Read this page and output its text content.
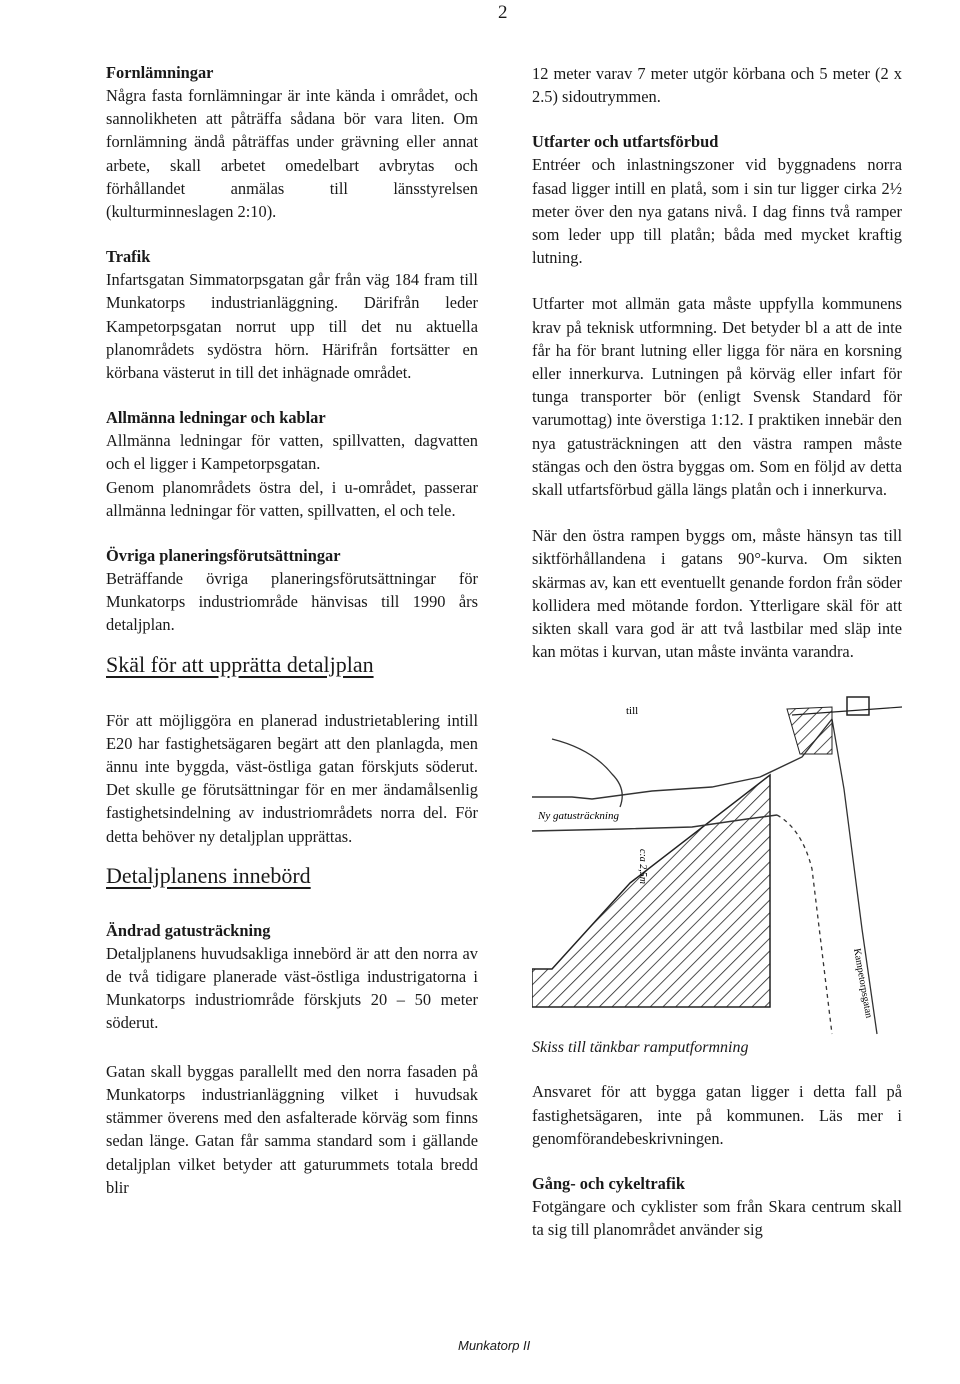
2
Fornlämningar

Några fasta fornlämningar är inte kända i området, och sannolikheten att påträffa sådana bör vara liten. Om fornlämning ändå påträffas under grävning eller annat arbete, skall arbetet omedelbart avbrytas och förhållandet anmälas till länsstyrelsen (kulturminneslagen 2:10).

Trafik

Infartsgatan Simmatorpsgatan går från väg 184 fram till Munkatorps industrianläggning. Därifrån leder Kampetorpsgatan norrut upp till det nu aktuella planområdets sydöstra hörn. Härifrån fortsätter en körbana västerut in till det inhägnade området.

Allmänna ledningar och kablar

Allmänna ledningar för vatten, spillvatten, dagvatten och el ligger i Kampetorpsgatan.

Genom planområdets östra del, i u-området, passerar allmänna ledningar för vatten, spillvatten, el och tele.

Övriga planeringsförutsättningar

Beträffande övriga planeringsförutsättningar för Munkatorps industriområde hänvisas till 1990 års detaljplan.

Skäl för att upprätta detaljplan

För att möjliggöra en planerad industrietablering intill E20 har fastighetsägaren begärt att den planlagda, men ännu inte byggda, väst-östliga gatan förskjuts söderut. Det skulle ge förutsättningar för en mer ändamålsenlig fastighetsindelning av industriområdets norra del. För detta behöver ny detaljplan upprättas.

Detaljplanens innebörd
Ändrad gatusträckning

Detaljplanens huvudsakliga innebörd är att den norra av de två tidigare planerade väst-östliga industrigatorna i Munkatorps industriområde förskjuts 20 – 50 meter söderut.

Gatan skall byggas parallellt med den norra fasaden på Munkatorps industrianläggning vilket i huvudsak stämmer överens med den asfalterade körväg som finns sedan länge. Gatan får samma standard som i gällande detaljplan vilket betyder att gaturummets totala bredd blir

12 meter varav 7 meter utgör körbana och 5 meter (2 x 2.5) sidoutrymmen.

Utfarter och utfartsförbud

Entréer och inlastningszoner vid byggnadens norra fasad ligger intill en platå, som i sin tur ligger cirka 2½ meter över den nya gatans nivå. I dag finns två ramper som leder upp till platån; båda med mycket kraftig lutning.

Utfarter mot allmän gata måste uppfylla kommunens krav på teknisk utformning. Det betyder bl a att de inte får ha för brant lutning eller ligga för nära en korsning eller innerkurva. Lutningen på körväg eller infart för tunga transporter bör (enligt Svensk Standard för varumottag) inte överstiga 1:12. I praktiken innebär den nya gatusträckningen att den västra rampen måste stängas och den östra byggas om. Som en följd av detta skall utfartsförbud gälla längs platån och i innerkurva.

När den östra rampen byggs om, måste hänsyn tas till siktförhållandena i gatans 90°-kurva. Om sikten skärmas av, kan ett eventuellt genande fordon från söder kollidera med mötande fordon. Ytterligare skäl för att sikten skall vara god är att två lastbilar med släp inte kan mötas i kurvan, utan måste invänta varandra.

till
Ny gatusträckning
c:a 2,5m
Kampetorpsgatan

Skiss till tänkbar ramputformning

Ansvaret för att bygga gatan ligger i detta fall på fastighetsägaren, inte på kommunen. Läs mer i genomförandebeskrivningen.

Gång- och cykeltrafik

Fotgängare och cyklister som från Skara centrum skall ta sig till planområdet använder sig

Munkatorp II
